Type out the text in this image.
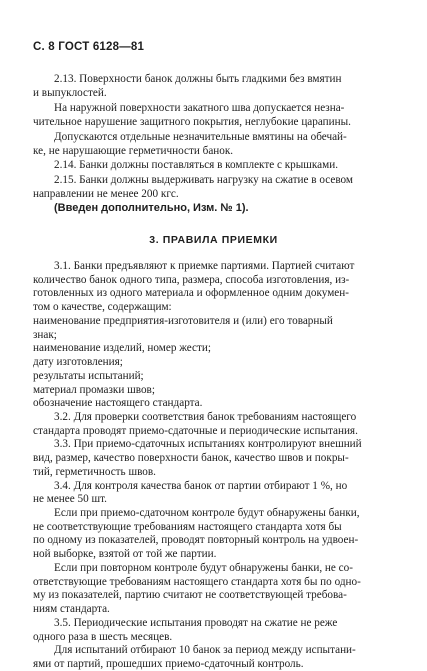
С. 8 ГОСТ 6128—81
2.13. Поверхности банок должны быть гладкими без вмятин
и выпуклостей.
На наружной поверхности закатного шва допускается незна-
чительное нарушение защитного покрытия, неглубокие царапины.
Допускаются отдельные незначительные вмятины на обечай-
ке, не нарушающие герметичности банок.
2.14. Банки должны поставляться в комплекте с крышками.
2.15. Банки должны выдерживать нагрузку на сжатие в осевом
направлении не менее 200 кгс.
(Введен дополнительно, Изм. № 1).
3. ПРАВИЛА ПРИЕМКИ
3.1. Банки предъявляют к приемке партиями. Партией считают
количество банок одного типа, размера, способа изготовления, из-
готовленных из одного материала и оформленное одним докумен-
том о качестве, содержащим:
наименование предприятия-изготовителя и (или) его товарный
знак;
наименование изделий, номер жести;
дату изготовления;
результаты испытаний;
материал промазки швов;
обозначение настоящего стандарта.
3.2. Для проверки соответствия банок требованиям настоящего
стандарта проводят приемо-сдаточные и периодические испытания.
3.3. При приемо-сдаточных испытаниях контролируют внешний
вид, размер, качество поверхности банок, качество швов и покры-
тий, герметичность швов.
3.4. Для контроля качества банок от партии отбирают 1 %, но
не менее 50 шт.
Если при приемо-сдаточном контроле будут обнаружены банки,
не соответствующие требованиям настоящего стандарта хотя бы
по одному из показателей, проводят повторный контроль на удвоен-
ной выборке, взятой от той же партии.
Если при повторном контроле будут обнаружены банки, не со-
ответствующие требованиям настоящего стандарта хотя бы по одно-
му из показателей, партию считают не соответствующей требова-
ниям стандарта.
3.5. Периодические испытания проводят на сжатие не реже
одного раза в шесть месяцев.
Для испытаний отбирают 10 банок за период между испытани-
ями от партий, прошедших приемо-сдаточный контроль.
